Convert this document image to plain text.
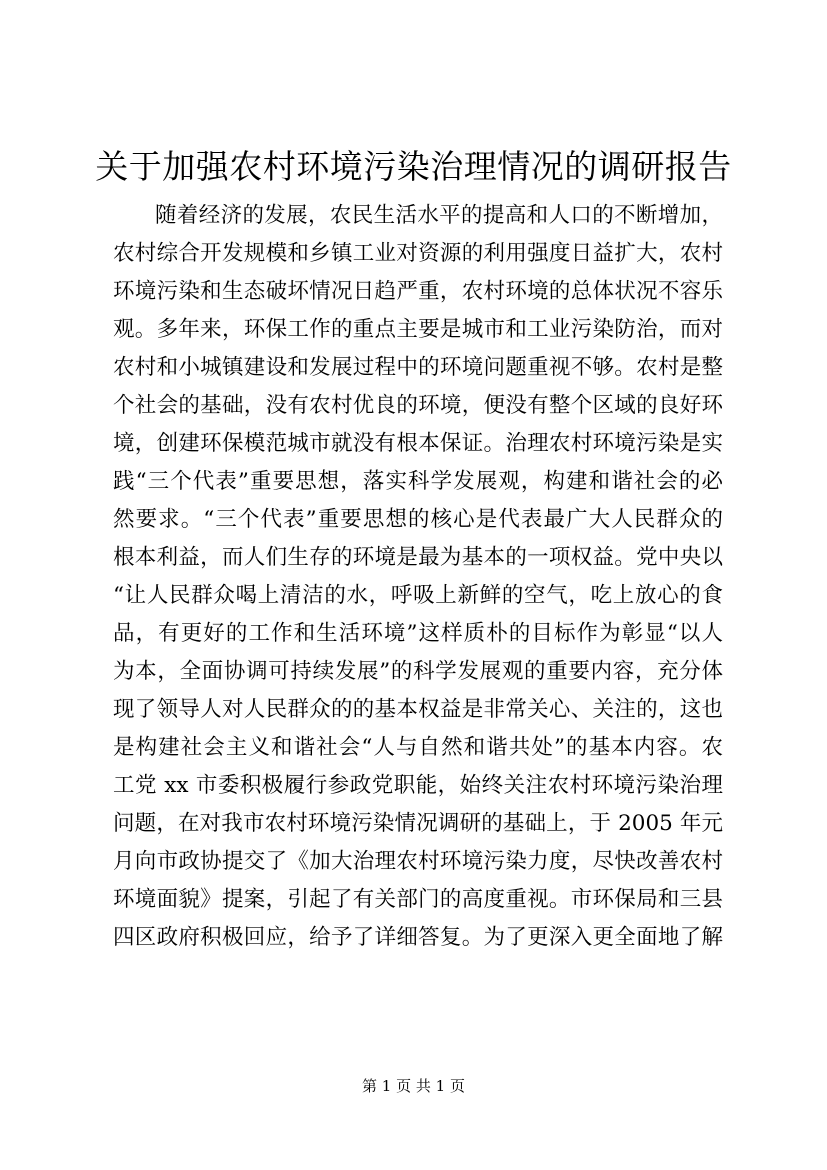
关于加强农村环境污染治理情况的调研报告
随着经济的发展，农民生活水平的提高和人口的不断增加，
农村综合开发规模和乡镇工业对资源的利用强度日益扩大，农村
环境污染和生态破坏情况日趋严重，农村环境的总体状况不容乐
观。多年来，环保工作的重点主要是城市和工业污染防治，而对
农村和小城镇建设和发展过程中的环境问题重视不够。农村是整
个社会的基础，没有农村优良的环境，便没有整个区域的良好环
境，创建环保模范城市就没有根本保证。治理农村环境污染是实
践“三个代表”重要思想，落实科学发展观，构建和谐社会的必
然要求。“三个代表”重要思想的核心是代表最广大人民群众的
根本利益，而人们生存的环境是最为基本的一项权益。党中央以
“让人民群众喝上清洁的水，呼吸上新鲜的空气，吃上放心的食
品，有更好的工作和生活环境”这样质朴的目标作为彰显“以人
为本，全面协调可持续发展”的科学发展观的重要内容，充分体
现了领导人对人民群众的的基本权益是非常关心、关注的，这也
是构建社会主义和谐社会“人与自然和谐共处”的基本内容。农
工党 xx 市委积极履行参政党职能，始终关注农村环境污染治理
问题，在对我市农村环境污染情况调研的基础上，于 2005 年元
月向市政协提交了《加大治理农村环境污染力度，尽快改善农村
环境面貌》提案，引起了有关部门的高度重视。市环保局和三县
四区政府积极回应，给予了详细答复。为了更深入更全面地了解
第 1 页 共 1 页
